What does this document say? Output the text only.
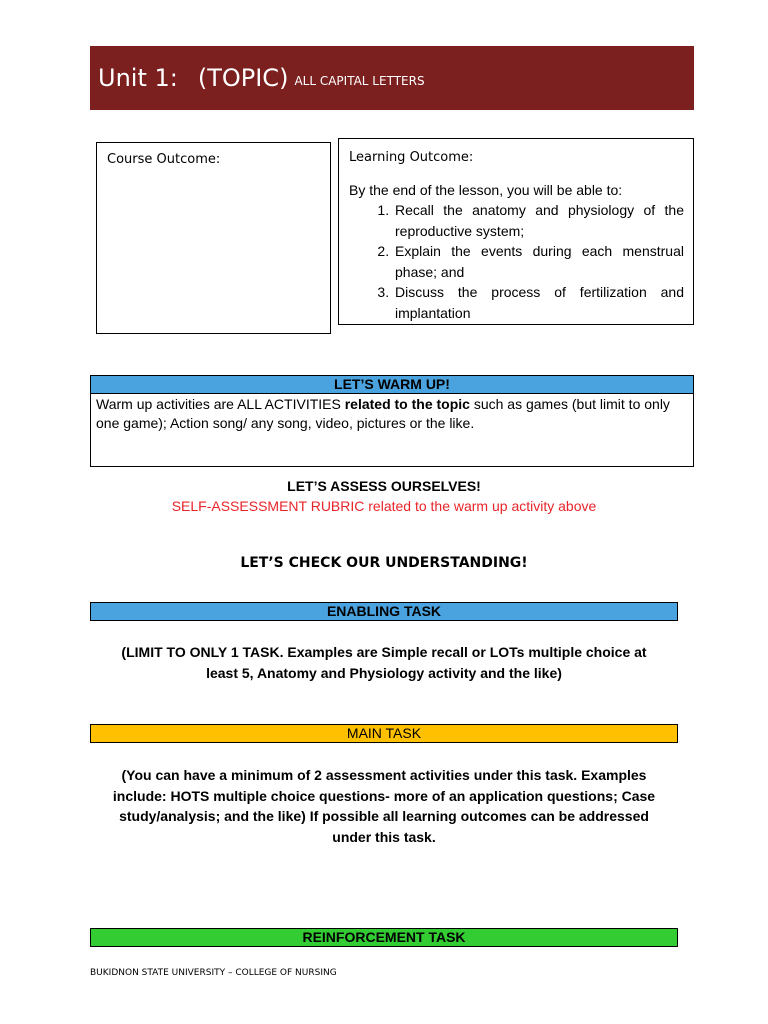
Unit 1: (TOPIC) ALL CAPITAL LETTERS
Course Outcome:	Learning Outcome:
By the end of the lesson, you will be able to:
1. Recall the anatomy and physiology of the reproductive system;
2. Explain the events during each menstrual phase; and
3. Discuss the process of fertilization and implantation
LET’S WARM UP!
Warm up activities are ALL ACTIVITIES related to the topic such as games (but limit to only one game); Action song/ any song, video, pictures or the like.
LET’S ASSESS OURSELVES!
SELF-ASSESSMENT RUBRIC related to the warm up activity above
LET’S CHECK OUR UNDERSTANDING!
ENABLING TASK
(LIMIT TO ONLY 1 TASK. Examples are Simple recall or LOTs multiple choice at
least 5, Anatomy and Physiology activity and the like)
MAIN TASK
(You can have a minimum of 2 assessment activities under this task. Examples
include: HOTS multiple choice questions- more of an application questions; Case
study/analysis; and the like) If possible all learning outcomes can be addressed
under this task.
REINFORCEMENT TASK
BUKIDNON STATE UNIVERSITY – COLLEGE OF NURSING
